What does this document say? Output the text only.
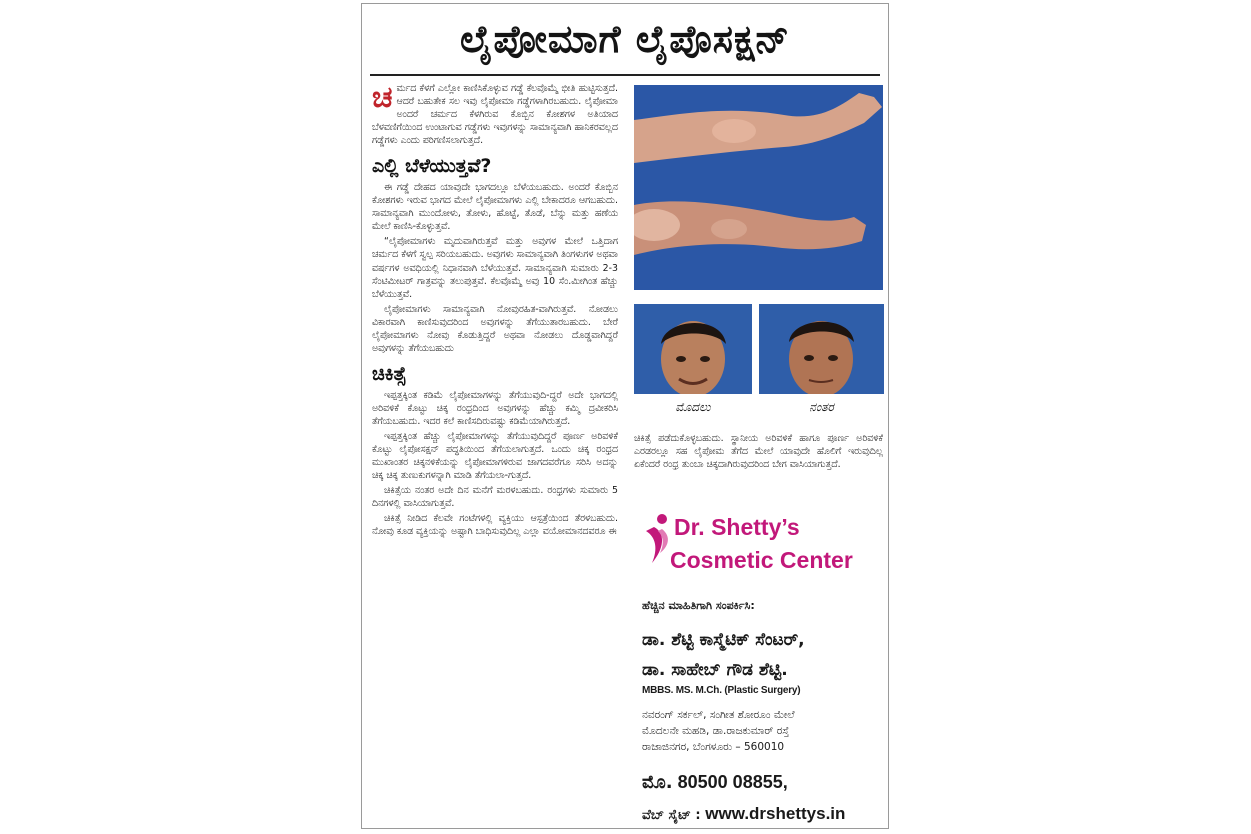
ಲೈಪೋಮಾಗೆ ಲೈಪೊಸಕ್ಷನ್

ಚರ್ಮದ ಕೆಳಗೆ ಎಲ್ಲೋ ಕಾಣಿಸಿಕೊಳ್ಳುವ ಗಡ್ಡೆ ಕೆಲವೊಮ್ಮೆ ಭೀತಿ ಹುಟ್ಟಿಸುತ್ತದೆ. ಆದರೆ ಬಹುತೇಕ ಸಲ ಇವು ಲೈಪೋಮಾ ಗಡ್ಡೆಗಳಾಗಿರಬಹುದು. ಲೈಪೋಮಾ ಅಂದರೆ ಚರ್ಮದ ಕೆಳಗಿರುವ ಕೊಬ್ಬಿನ ಕೋಶಗಳ ಅತಿಯಾದ ಬೆಳವಣಿಗೆಯಿಂದ ಉಂಟಾಗುವ ಗಡ್ಡೆಗಳು ಇವುಗಳನ್ನು ಸಾಮಾನ್ಯವಾಗಿ ಹಾನಿಕರವಲ್ಲದ ಗಡ್ಡೆಗಳು ಎಂದು ಪರಿಗಣಿಸಲಾಗುತ್ತದೆ.

ಎಲ್ಲಿ ಬೆಳೆಯುತ್ತವೆ?

ಈ ಗಡ್ಡೆ ದೇಹದ ಯಾವುದೇ ಭಾಗದಲ್ಲೂ ಬೆಳೆಯಬಹುದು. ಅಂದರೆ ಕೊಬ್ಬಿನ ಕೋಶಗಳು ಇರುವ ಭಾಗದ ಮೇಲೆ ಲೈಪೋಮಾಗಳು ಎಲ್ಲಿ ಬೇಕಾದರೂ ಆಗಬಹುದು. ಸಾಮಾನ್ಯವಾಗಿ ಮುಂದೋಳು, ತೋಳು, ಹೊಟ್ಟೆ, ತೊಡೆ, ಬೆನ್ನು ಮತ್ತು ಹಣೆಯ ಮೇಲೆ ಕಾಣಿಸಿ-ಕೊಳ್ಳುತ್ತವೆ.

“ಲೈಪೋಮಾಗಳು ಮೃದುವಾಗಿರುತ್ತವೆ ಮತ್ತು ಅವುಗಳ ಮೇಲೆ ಒತ್ತಿದಾಗ ಚರ್ಮದ ಕೆಳಗೆ ಸ್ವಲ್ಪ ಸರಿಯಬಹುದು. ಅವುಗಳು ಸಾಮಾನ್ಯವಾಗಿ ತಿಂಗಳುಗಳ ಅಥವಾ ವರ್ಷಗಳ ಅವಧಿಯಲ್ಲಿ ನಿಧಾನವಾಗಿ ಬೆಳೆಯುತ್ತವೆ. ಸಾಮಾನ್ಯವಾಗಿ ಸುಮಾರು 2-3 ಸೆಂಟಿಮೀಟರ್ ಗಾತ್ರವನ್ನು ತಲುಪುತ್ತವೆ. ಕೆಲವೊಮ್ಮೆ ಅವು 10 ಸೆಂ.ಮೀಗಿಂತ ಹೆಚ್ಚು ಬೆಳೆಯುತ್ತವೆ.

ಲೈಪೋಮಾಗಳು ಸಾಮಾನ್ಯವಾಗಿ ನೋವುರಹಿತ-ವಾಗಿರುತ್ತವೆ. ನೋಡಲು ವಿಕಾರವಾಗಿ ಕಾಣಿಸುವುದರಿಂದ ಅವುಗಳನ್ನು ತೆಗೆಯುತಾರಬಹುದು. ಬೇರೆ ಲೈಪೋಮಾಗಳು ನೋವು ಕೊಡುತ್ತಿದ್ದರೆ ಅಥವಾ ನೋಡಲು ದೊಡ್ಡವಾಗಿದ್ದರೆ ಅವುಗಳನ್ನು ತೆಗೆಯಬಹುದು

ಚಿಕಿತ್ಸೆ

ಇಪ್ಪತ್ತಕ್ಕಿಂತ ಕಡಿಮೆ ಲೈಪೋಮಾಗಳನ್ನು ತೆಗೆಯುವುದಿ-ದ್ದರೆ ಅದೇ ಭಾಗದಲ್ಲಿ ಅರಿವಳಿಕೆ ಕೊಟ್ಟು ಚಿಕ್ಕ ರಂಧ್ರದಿಂದ ಅವುಗಳನ್ನು ಹೆಚ್ಚು ಕಮ್ಮಿ ದ್ರವೀಕರಿಸಿ ತೆಗೆಯಬಹುದು. ಇದರ ಕಲೆ ಕಾಣಿಸದಿರುವಷ್ಟು ಕಡಿಮೆಯಾಗಿರುತ್ತದೆ.

ಇಪ್ಪತ್ತಕ್ಕಿಂತ ಹೆಚ್ಚು ಲೈಪೋಮಾಗಳನ್ನು ತೆಗೆಯುವುದಿದ್ದರೆ ಪೂರ್ಣ ಅರಿವಳಿಕೆ ಕೊಟ್ಟು ಲೈಪೋಸಕ್ಷನ್ ಪದ್ಧತಿಯಿಂದ ತೆಗೆಯಲಾಗುತ್ತದೆ. ಒಂದು ಚಿಕ್ಕ ರಂಧ್ರದ ಮುಖಾಂತರ ಚಿಕ್ಕನಳಿಕೆಯನ್ನು ಲೈಪೋಮಾಗಳಿರುವ ಜಾಗದವರೆಗೂ ಸರಿಸಿ ಅದನ್ನು ಚಿಕ್ಕ ಚಿಕ್ಕ ತುಣುಕುಗಳನ್ನಾಗಿ ಮಾಡಿ ತೆಗೆಯಲಾ-ಗುತ್ತದೆ.

ಚಿಕಿತ್ಸೆಯ ನಂತರ ಅದೇ ದಿನ ಮನೆಗೆ ಮರಳಬಹುದು. ರಂಧ್ರಗಳು ಸುಮಾರು 5 ದಿನಗಳಲ್ಲಿ ವಾಸಿಯಾಗುತ್ತವೆ.

ಚಿಕಿತ್ಸೆ ನೀಡಿದ ಕೆಲವೇ ಗಂಟೆಗಳಲ್ಲಿ ವ್ಯಕ್ತಿಯು ಆಸ್ಪತ್ರೆಯಿಂದ ತೆರಳಬಹುದು. ನೋವು ಕೂಡ ವ್ಯಕ್ತಿಯನ್ನು ಅಷ್ಟಾಗಿ ಬಾಧಿಸುವುದಿಲ್ಲ ಎಲ್ಲಾ ವಯೋಮಾನದವರೂ ಈ

ಮೊದಲು	ನಂತರ
ಚಿಕಿತ್ಸೆ ಪಡೆದುಕೊಳ್ಳಬಹುದು. ಸ್ಥಾನೀಯ ಅರಿವಳಿಕೆ ಹಾಗೂ ಪೂರ್ಣ ಅರಿವಳಿಕೆ ಎರಡರಲ್ಲೂ ಸಹ ಲೈಪೋಮ ತೆಗೆದ ಮೇಲೆ ಯಾವುದೇ ಹೊಲಿಗೆ ಇರುವುದಿಲ್ಲ ಏಕೆಂದರೆ ರಂಧ್ರ ತುಂಬಾ ಚಿಕ್ಕದಾಗಿರುವುದರಿಂದ ಬೇಗ ವಾಸಿಯಾಗುತ್ತದೆ.
Dr. Shetty’s
Cosmetic Center
ಹೆಚ್ಚಿನ ಮಾಹಿತಿಗಾಗಿ ಸಂಪರ್ಕಿಸಿ:
ಡಾ. ಶೆಟ್ಟಿ ಕಾಸ್ಮೆಟಿಕ್ ಸೆಂಟರ್,
ಡಾ. ಸಾಹೇಬ್ ಗೌಡ ಶೆಟ್ಟಿ.
MBBS. MS. M.Ch. (Plastic Surgery)
ನವರಂಗ್ ಸರ್ಕಲ್, ಸಂಗೀತ ಶೋರೂಂ ಮೇಲೆ
ಮೊದಲನೇ ಮಹಡಿ, ಡಾ.ರಾಜಕುಮಾರ್ ರಸ್ತೆ
ರಾಜಾಜಿನಗರ, ಬೆಂಗಳೂರು – 560010
ಮೊ. 80500 08855,
ವೆಬ್ ಸೈಟ್ : www.drshettys.in
